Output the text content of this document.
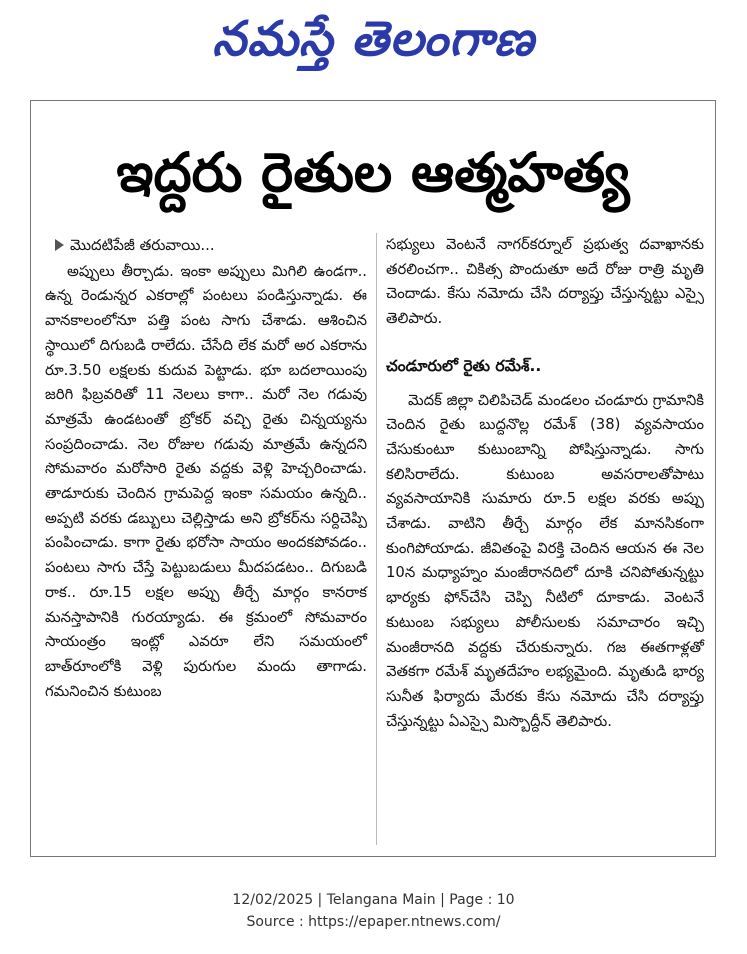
నమస్తే తెలంగాణ
ఇద్దరు రైతుల ఆత్మహత్య
మొదటిపేజీ తరువాయి...

అప్పులు తీర్చాడు. ఇంకా అప్పులు మిగిలి ఉండగా.. ఉన్న రెండున్నర ఎకరాల్లో పంటలు పండిస్తున్నాడు. ఈ వానకాలంలోనూ పత్తి పంట సాగు చేశాడు. ఆశించిన స్థాయిలో దిగుబడి రాలేదు. చేసేది లేక మరో అర ఎకరాను రూ.3.50 లక్షలకు కుదువ పెట్టాడు. భూ బదలాయింపు జరిగి ఫిబ్రవరితో 11 నెలలు కాగా.. మరో నెల గడువు మాత్రమే ఉండటంతో బ్రోకర్ వచ్చి రైతు చిన్నయ్యను సంప్రదించాడు. నెల రోజుల గడువు మాత్రమే ఉన్నదని సోమవారం మరోసారి రైతు వద్దకు వెళ్లి హెచ్చరించాడు. తాడూరుకు చెందిన గ్రామపెద్ద ఇంకా సమయం ఉన్నది.. అప్పటి వరకు డబ్బులు చెల్లిస్తాడు అని బ్రోకర్‌ను సర్దిచెప్పి పంపించాడు. కాగా రైతు భరోసా సాయం అందకపోవడం.. పంటలు సాగు చేస్తే పెట్టుబడులు మీదపడటం.. దిగుబడి రాక.. రూ.15 లక్షల అప్పు తీర్చే మార్గం కానరాక మనస్తాపానికి గురయ్యాడు. ఈ క్రమంలో సోమవారం సాయంత్రం ఇంట్లో ఎవరూ లేని సమయంలో బాత్‌రూంలోకి వెళ్లి పురుగుల మందు తాగాడు. గమనించిన కుటుంబ

సభ్యులు వెంటనే నాగర్‌కర్నూల్ ప్రభుత్వ దవాఖానకు తరలించగా.. చికిత్స పొందుతూ అదే రోజు రాత్రి మృతి చెందాడు. కేసు నమోదు చేసి దర్యాప్తు చేస్తున్నట్టు ఎస్సై తెలిపారు.

చండూరులో రైతు రమేశ్..

మెదక్ జిల్లా చిలిపిచెడ్ మండలం చండూరు గ్రామానికి చెందిన రైతు బుద్దనొల్ల రమేశ్ (38) వ్యవసాయం చేసుకుంటూ కుటుంబాన్ని పోషిస్తున్నాడు. సాగు కలిసిరాలేదు. కుటుంబ అవసరాలతోపాటు వ్యవసాయానికి సుమారు రూ.5 లక్షల వరకు అప్పు చేశాడు. వాటిని తీర్చే మార్గం లేక మానసికంగా కుంగిపోయాడు. జీవితంపై విరక్తి చెందిన ఆయన ఈ నెల 10న మధ్యాహ్నం మంజీరానదిలో దూకి చనిపోతున్నట్టు భార్యకు ఫోన్‌చేసి చెప్పి నీటిలో దూకాడు. వెంటనే కుటుంబ సభ్యులు పోలీసులకు సమాచారం ఇచ్చి మంజీరానది వద్దకు చేరుకున్నారు. గజ ఈతగాళ్లతో వెతకగా రమేశ్ మృతదేహం లభ్యమైంది. మృతుడి భార్య సునీత ఫిర్యాదు మేరకు కేసు నమోదు చేసి దర్యాప్తు చేస్తున్నట్టు ఏఎస్సై మిస్బొద్దీన్ తెలిపారు.

12/02/2025 | Telangana Main | Page : 10
Source : https://epaper.ntnews.com/
